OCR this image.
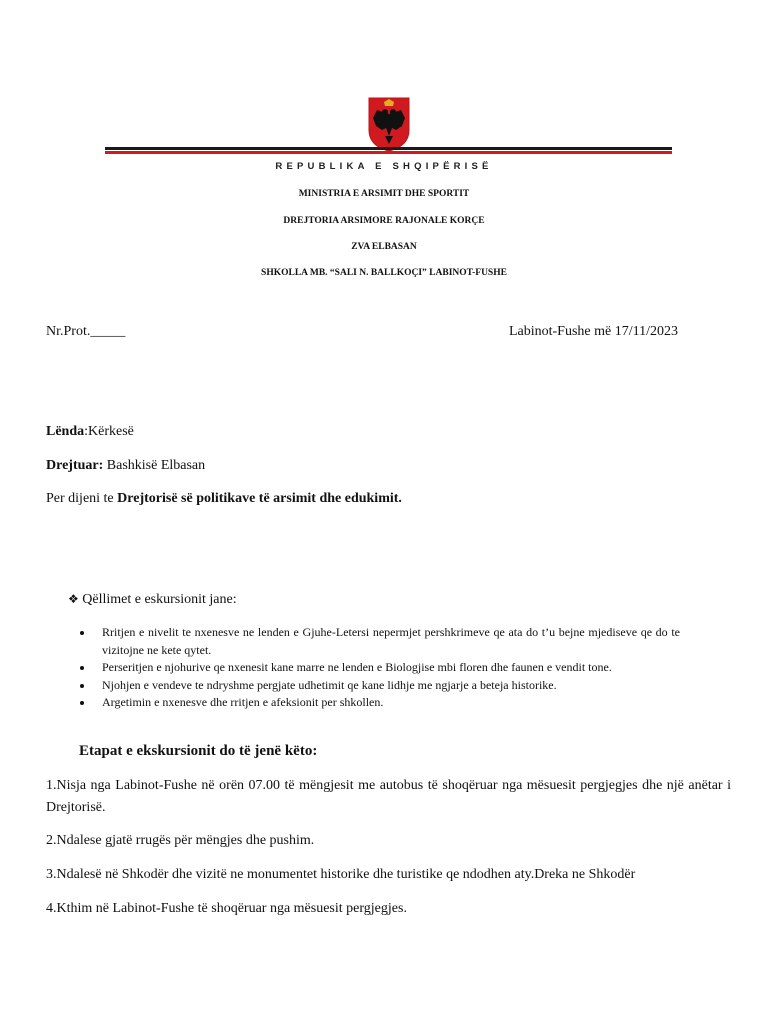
REPUBLIKA E SHQIPËRISË
MINISTRIA E ARSIMIT DHE SPORTIT
DREJTORIA ARSIMORE RAJONALE KORÇE
ZVA ELBASAN
SHKOLLA MB. “SALI N. BALLKOÇI” LABINOT-FUSHE
Nr.Prot._____	Labinot-Fushe më 17/11/2023
Lënda:Kërkesë
Drejtuar: Bashkisë Elbasan
Per dijeni te Drejtorisë së politikave të arsimit dhe edukimit.
❖ Qëllimet e eskursionit jane:
Rritjen e nivelit te nxenesve ne lenden e Gjuhe-Letersi nepermjet pershkrimeve qe ata do t’u bejne mjediseve qe do te vizitojne ne kete qytet.
Perseritjen e njohurive qe nxenesit kane marre ne lenden e Biologjise mbi floren dhe faunen e vendit tone.
Njohjen e vendeve te ndryshme pergjate udhetimit qe kane lidhje me ngjarje a beteja historike.
Argetimin e nxenesve dhe rritjen e afeksionit per shkollen.
Etapat e ekskursionit do të jenë këto:

1.Nisja nga Labinot-Fushe në orën 07.00 të mëngjesit me autobus të shoqëruar nga mësuesit pergjegjes dhe një anëtar i Drejtorisë.

2.Ndalese gjatë rrugës për mëngjes dhe pushim.

3.Ndalesë në Shkodër dhe vizitë ne monumentet historike dhe turistike qe ndodhen aty.Dreka ne Shkodër

4.Kthim në Labinot-Fushe të shoqëruar nga mësuesit pergjegjes.
